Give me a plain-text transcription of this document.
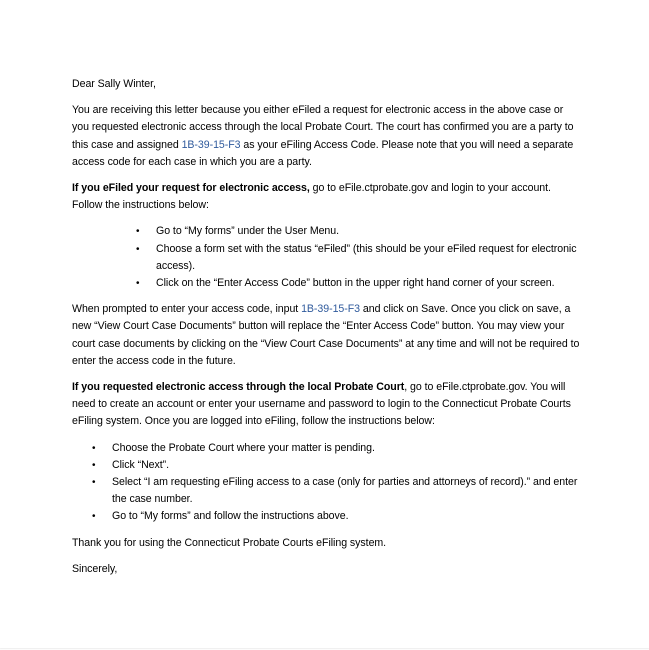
Dear Sally Winter,

You are receiving this letter because you either eFiled a request for electronic access in the above case or you requested electronic access through the local Probate Court. The court has confirmed you are a party to this case and assigned 1B-39-15-F3 as your eFiling Access Code. Please note that you will need a separate access code for each case in which you are a party.

If you eFiled your request for electronic access, go to eFile.ctprobate.gov and login to your account. Follow the instructions below:

• Go to “My forms” under the User Menu.
• Choose a form set with the status “eFiled” (this should be your eFiled request for electronic access).
• Click on the “Enter Access Code” button in the upper right hand corner of your screen.

When prompted to enter your access code, input 1B-39-15-F3 and click on Save. Once you click on save, a new “View Court Case Documents” button will replace the “Enter Access Code” button. You may view your court case documents by clicking on the “View Court Case Documents” at any time and will not be required to enter the access code in the future.

If you requested electronic access through the local Probate Court, go to eFile.ctprobate.gov. You will need to create an account or enter your username and password to login to the Connecticut Probate Courts eFiling system. Once you are logged into eFiling, follow the instructions below:

• Choose the Probate Court where your matter is pending.
• Click “Next”.
• Select “I am requesting eFiling access to a case (only for parties and attorneys of record).” and enter the case number.
• Go to “My forms” and follow the instructions above.

Thank you for using the Connecticut Probate Courts eFiling system.

Sincerely,
